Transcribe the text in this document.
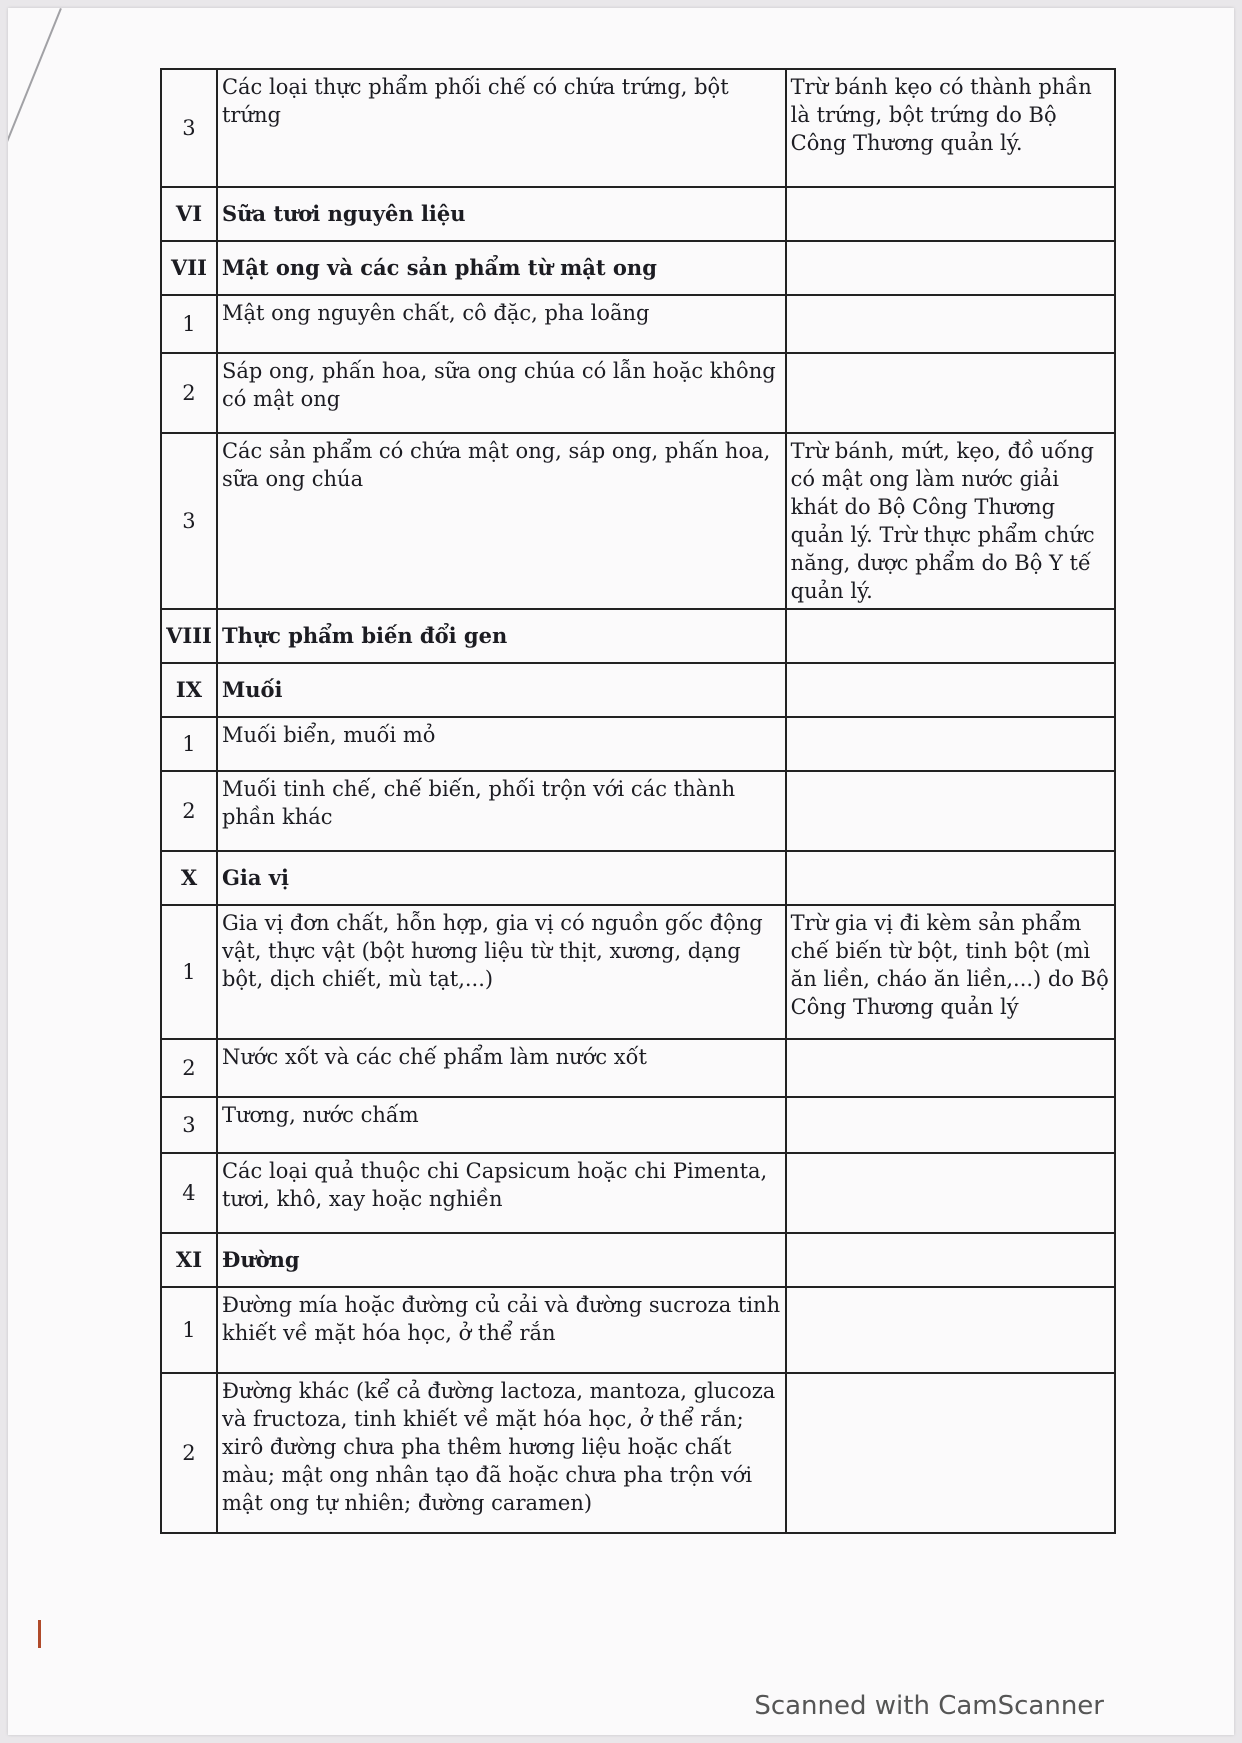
3	Các loại thực phẩm phối chế có chứa trứng, bột trứng	Trừ bánh kẹo có thành phần là trứng, bột trứng do Bộ Công Thương quản lý.
VI	Sữa tươi nguyên liệu	
VII	Mật ong và các sản phẩm từ mật ong	
1	Mật ong nguyên chất, cô đặc, pha loãng	
2	Sáp ong, phấn hoa, sữa ong chúa có lẫn hoặc không có mật ong	
3	Các sản phẩm có chứa mật ong, sáp ong, phấn hoa, sữa ong chúa	Trừ bánh, mứt, kẹo, đồ uống có mật ong làm nước giải khát do Bộ Công Thương quản lý. Trừ thực phẩm chức năng, dược phẩm do Bộ Y tế quản lý.
VIII	Thực phẩm biến đổi gen	
IX	Muối	
1	Muối biển, muối mỏ	
2	Muối tinh chế, chế biến, phối trộn với các thành phần khác	
X	Gia vị	
1	Gia vị đơn chất, hỗn hợp, gia vị có nguồn gốc động vật, thực vật (bột hương liệu từ thịt, xương, dạng bột, dịch chiết, mù tạt,...)	Trừ gia vị đi kèm sản phẩm chế biến từ bột, tinh bột (mì ăn liền, cháo ăn liền,...) do Bộ Công Thương quản lý
2	Nước xốt và các chế phẩm làm nước xốt	
3	Tương, nước chấm	
4	Các loại quả thuộc chi Capsicum hoặc chi Pimenta, tươi, khô, xay hoặc nghiền	
XI	Đường	
1	Đường mía hoặc đường củ cải và đường sucroza tinh khiết về mặt hóa học, ở thể rắn	
2	Đường khác (kể cả đường lactoza, mantoza, glucoza và fructoza, tinh khiết về mặt hóa học, ở thể rắn; xirô đường chưa pha thêm hương liệu hoặc chất màu; mật ong nhân tạo đã hoặc chưa pha trộn với mật ong tự nhiên; đường caramen)	
Scanned with CamScanner
